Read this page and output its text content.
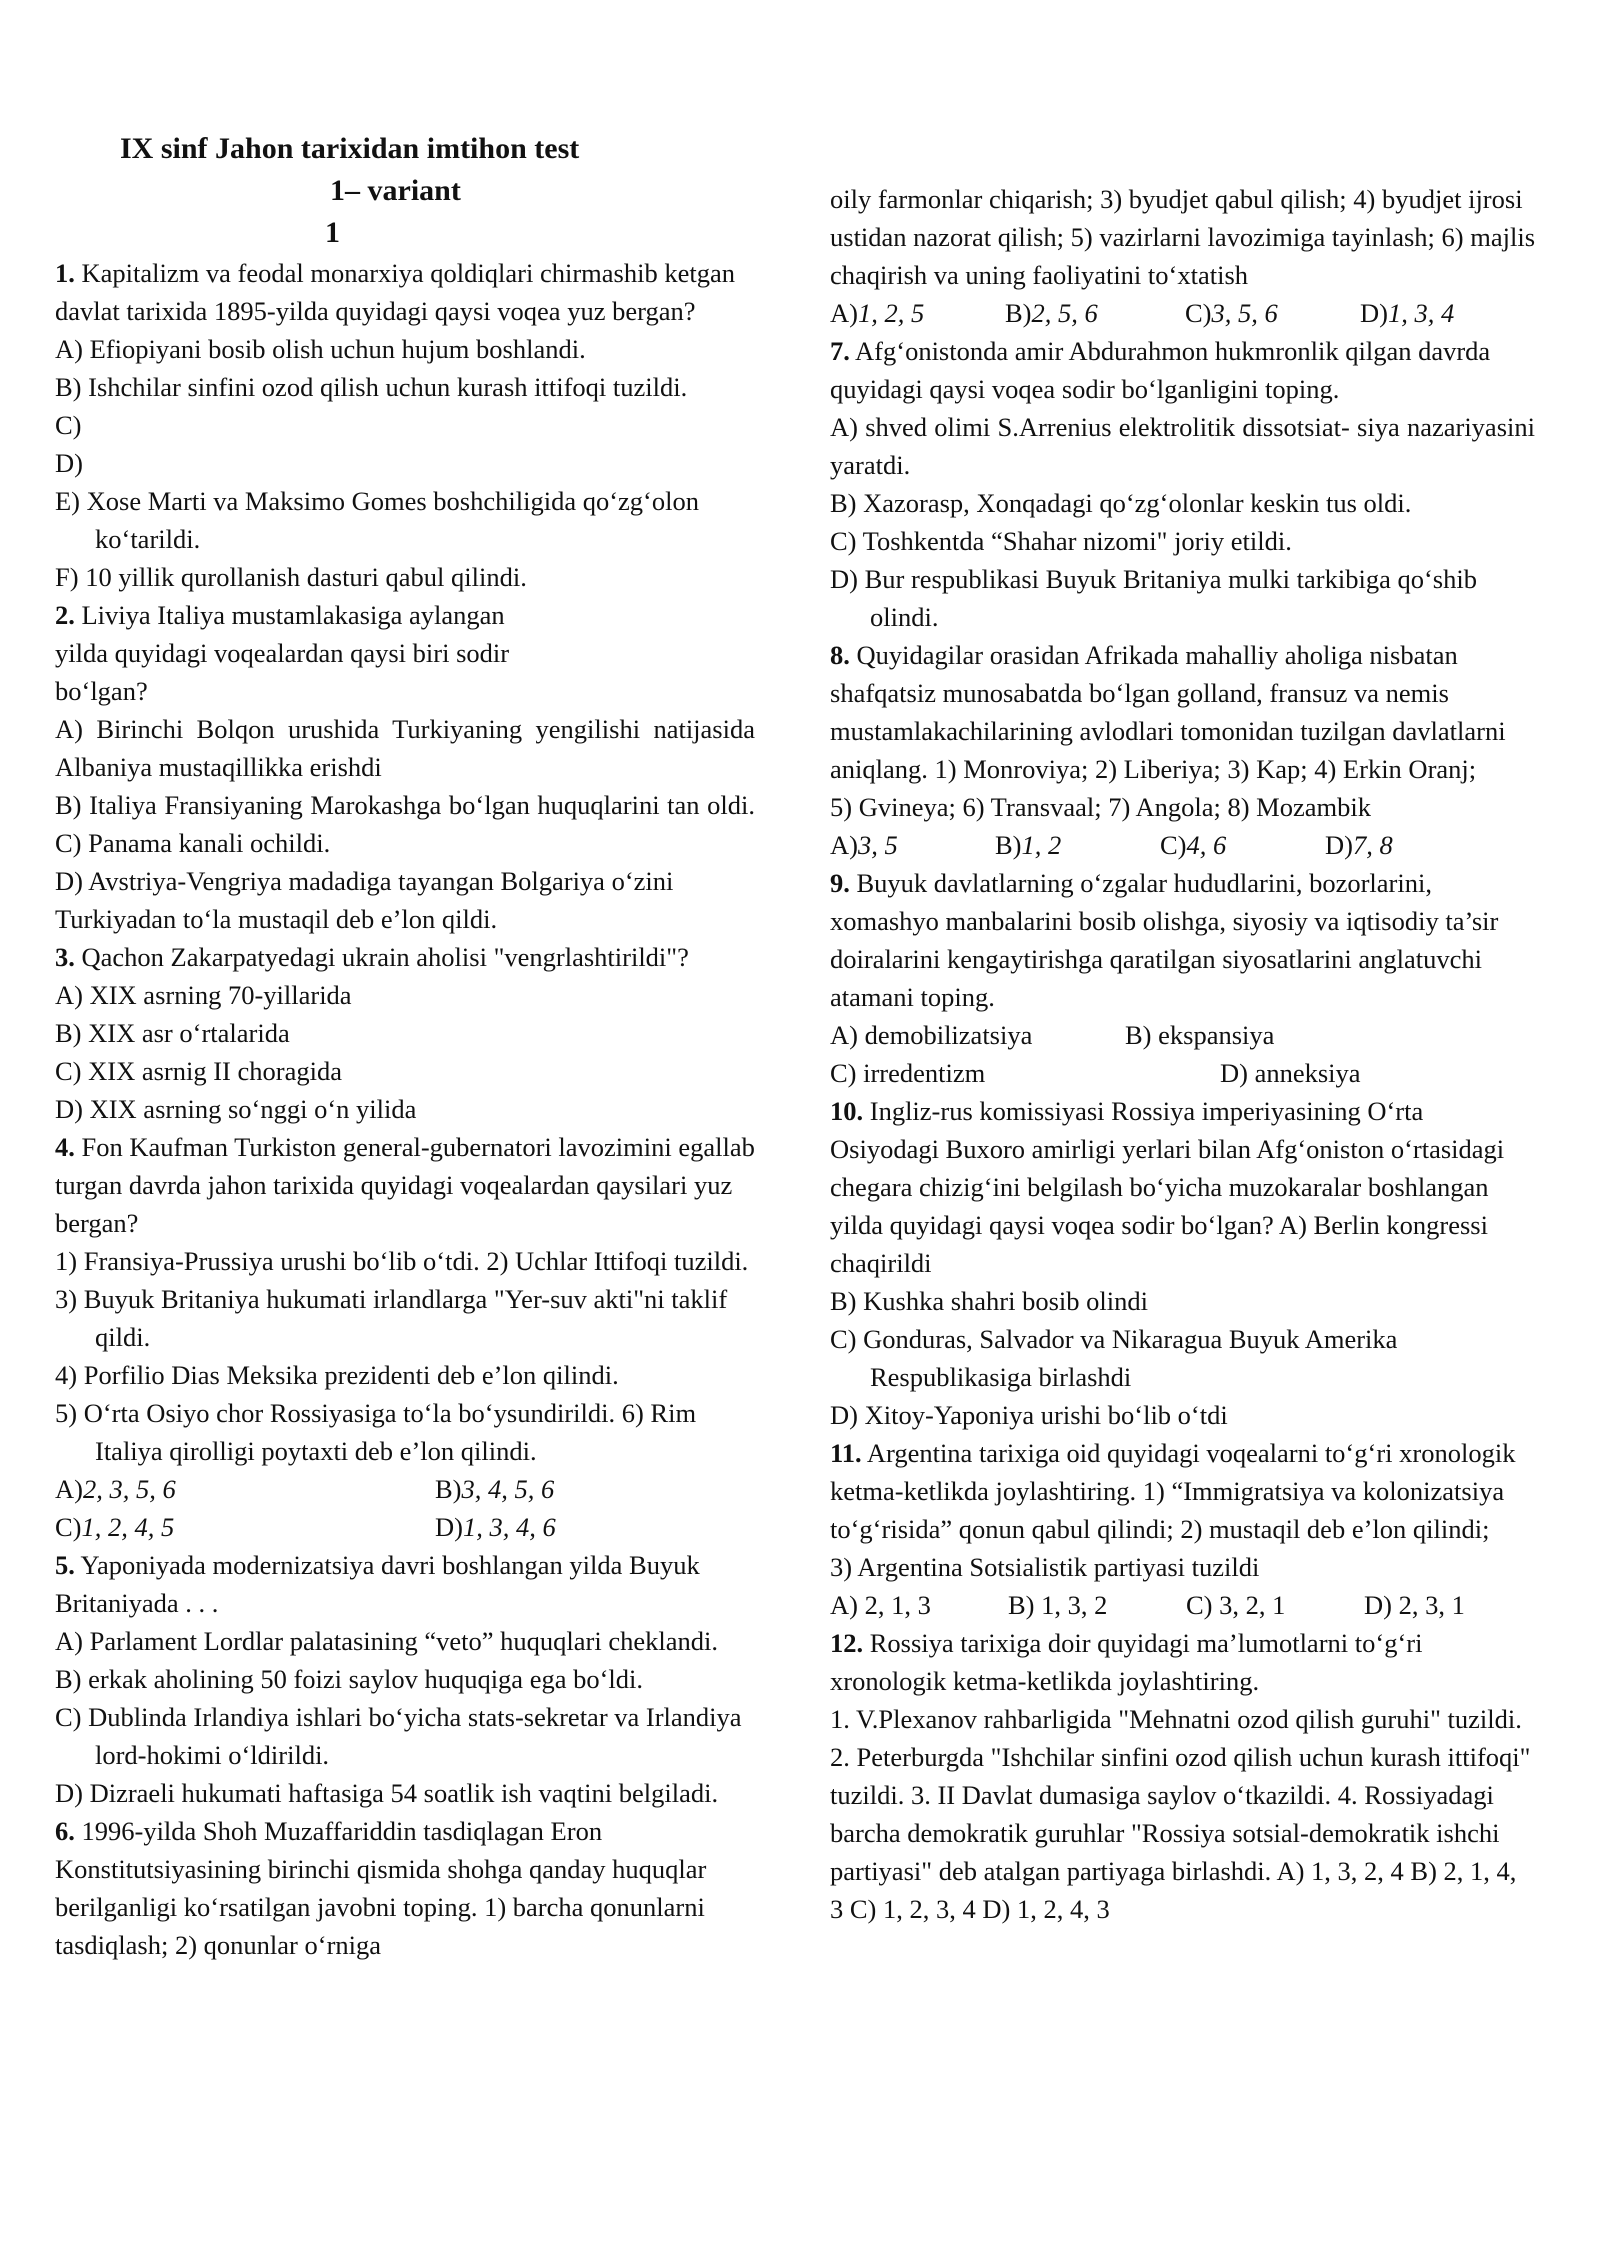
IX sinf Jahon tarixidan imtihon test

1– variant

1

1. Kapitalizm va feodal monarxiya qoldiqlari chirmashib ketgan davlat tarixida 1895-yilda quyidagi qaysi voqea yuz bergan?

A) Efiopiyani bosib olish uchun hujum boshlandi.

B) Ishchilar sinfini ozod qilish uchun kurash ittifoqi tuzildi.

C)

D)

E) Xose Marti va Maksimo Gomes boshchiligida qo‘zg‘olon ko‘tarildi.

F) 10 yillik qurollanish dasturi qabul qilindi.

2. Liviya Italiya mustamlakasiga aylangan

yilda quyidagi voqealardan qaysi biri sodir

bo‘lgan?

A) Birinchi Bolqon urushida Turkiyaning yengilishi natijasida Albaniya mustaqillikka erishdi

B) Italiya Fransiyaning Marokashga bo‘lgan huquqlarini tan oldi. C) Panama kanali ochildi.

D) Avstriya-Vengriya madadiga tayangan Bolgariya o‘zini Turkiyadan to‘la mustaqil deb e’lon qildi.

3. Qachon Zakarpatyedagi ukrain aholisi "vengrlashtirildi"?

A) XIX asrning 70-yillarida

B) XIX asr o‘rtalarida

C) XIX asrnig II choragida

D) XIX asrning so‘nggi o‘n yilida

4. Fon Kaufman Turkiston general-gubernatori lavozimini egallab turgan davrda jahon tarixida quyidagi voqealardan qaysilari yuz bergan?

1) Fransiya-Prussiya urushi bo‘lib o‘tdi. 2) Uchlar Ittifoqi tuzildi.

3) Buyuk Britaniya hukumati irlandlarga "Yer-suv akti"ni taklif qildi.

4) Porfilio Dias Meksika prezidenti deb e’lon qilindi.

5) O‘rta Osiyo chor Rossiyasiga to‘la bo‘ysundirildi. 6) Rim Italiya qirolligi poytaxti deb e’lon qilindi.

A)2, 3, 5, 6	B)3, 4, 5, 6
C)1, 2, 4, 5	D)1, 3, 4, 6

5. Yaponiyada modernizatsiya davri boshlangan yilda Buyuk Britaniyada . . .

A) Parlament Lordlar palatasining “veto” huquqlari cheklandi.

B) erkak aholining 50 foizi saylov huquqiga ega bo‘ldi.

C) Dublinda Irlandiya ishlari bo‘yicha stats-sekretar va Irlandiya lord-hokimi o‘ldirildi.

D) Dizraeli hukumati haftasiga 54 soatlik ish vaqtini belgiladi.

6. 1996-yilda Shoh Muzaffariddin tasdiqlagan Eron Konstitutsiyasining birinchi qismida shohga qanday huquqlar berilganligi ko‘rsatilgan javobni toping. 1) barcha qonunlarni tasdiqlash; 2) qonunlar o‘rniga

oily farmonlar chiqarish; 3) byudjet qabul qilish; 4) byudjet ijrosi ustidan nazorat qilish; 5) vazirlarni lavozimiga tayinlash; 6) majlis chaqirish va uning faoliyatini to‘xtatish

A)1, 2, 5	B)2, 5, 6	C)3, 5, 6	D)1, 3, 4

7. Afg‘onistonda amir Abdurahmon hukmronlik qilgan davrda quyidagi qaysi voqea sodir bo‘lganligini toping.

A) shved olimi S.Arrenius elektrolitik dissotsiat- siya nazariyasini yaratdi.

B) Xazorasp, Xonqadagi qo‘zg‘olonlar keskin tus oldi.

C) Toshkentda “Shahar nizomi" joriy etildi.

D) Bur respublikasi Buyuk Britaniya mulki tarkibiga qo‘shib olindi.

8. Quyidagilar orasidan Afrikada mahalliy aholiga nisbatan shafqatsiz munosabatda bo‘lgan golland, fransuz va nemis mustamlakachilarining avlodlari tomonidan tuzilgan davlatlarni aniqlang. 1) Monroviya; 2) Liberiya; 3) Kap; 4) Erkin Oranj;

5) Gvineya; 6) Transvaal; 7) Angola; 8) Mozambik

A)3, 5	B)1, 2	C)4, 6	D)7, 8

9. Buyuk davlatlarning o‘zgalar hududlarini, bozorlarini, xomashyo manbalarini bosib olishga, siyosiy va iqtisodiy ta’sir doiralarini kengaytirishga qaratilgan siyosatlarini anglatuvchi atamani toping.

A) demobilizatsiya	B) ekspansiya
C) irredentizm	D) anneksiya

10. Ingliz-rus komissiyasi Rossiya imperiyasining O‘rta Osiyodagi Buxoro amirligi yerlari bilan Afg‘oniston o‘rtasidagi chegara chizig‘ini belgilash bo‘yicha muzokaralar boshlangan yilda quyidagi qaysi voqea sodir bo‘lgan? A) Berlin kongressi chaqirildi

B) Kushka shahri bosib olindi

C) Gonduras, Salvador va Nikaragua Buyuk Amerika Respublikasiga birlashdi

D) Xitoy-Yaponiya urishi bo‘lib o‘tdi

11. Argentina tarixiga oid quyidagi voqealarni to‘g‘ri xronologik ketma-ketlikda joylashtiring. 1) “Immigratsiya va kolonizatsiya to‘g‘risida” qonun qabul qilindi; 2) mustaqil deb e’lon qilindi;

3) Argentina Sotsialistik partiyasi tuzildi

A) 2, 1, 3	B) 1, 3, 2	C) 3, 2, 1	D) 2, 3, 1

12. Rossiya tarixiga doir quyidagi ma’lumotlarni to‘g‘ri xronologik ketma-ketlikda joylashtiring.

1. V.Plexanov rahbarligida "Mehnatni ozod qilish guruhi" tuzildi. 2. Peterburgda "Ishchilar sinfini ozod qilish uchun kurash ittifoqi" tuzildi. 3. II Davlat dumasiga saylov o‘tkazildi. 4. Rossiyadagi barcha demokratik guruhlar "Rossiya sotsial-demokratik ishchi partiyasi" deb atalgan partiyaga birlashdi. A) 1, 3, 2, 4 B) 2, 1, 4, 3 C) 1, 2, 3, 4 D) 1, 2, 4, 3
